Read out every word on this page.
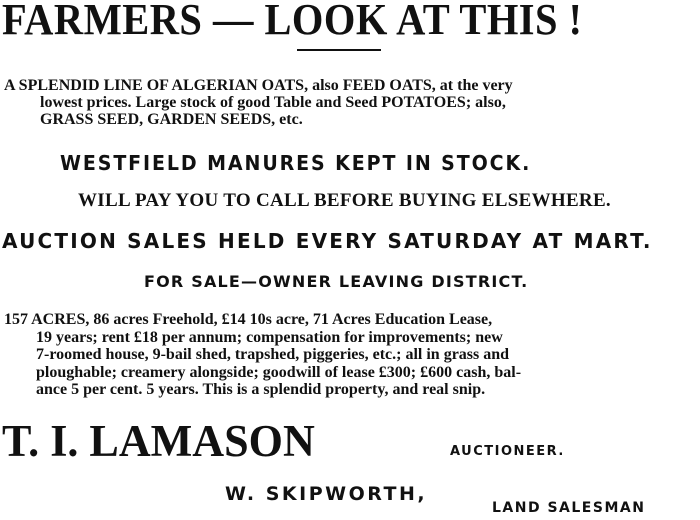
FARMERS — LOOK AT THIS !
A SPLENDID LINE OF ALGERIAN OATS, also FEED OATS, at the very
lowest prices. Large stock of good Table and Seed POTATOES; also,
GRASS SEED, GARDEN SEEDS, etc.
WESTFIELD MANURES KEPT IN STOCK.
WILL PAY YOU TO CALL BEFORE BUYING ELSEWHERE.
AUCTION SALES HELD EVERY SATURDAY AT MART.
FOR SALE—OWNER LEAVING DISTRICT.
157 ACRES, 86 acres Freehold, £14 10s acre, 71 Acres Education Lease,
19 years; rent £18 per annum; compensation for improvements; new
7-roomed house, 9-bail shed, trapshed, piggeries, etc.; all in grass and
ploughable; creamery alongside; goodwill of lease £300; £600 cash, bal-
ance 5 per cent. 5 years. This is a splendid property, and real snip.
T. I. LAMASON	AUCTIONEER.
W. SKIPWORTH,
LAND SALESMAN
